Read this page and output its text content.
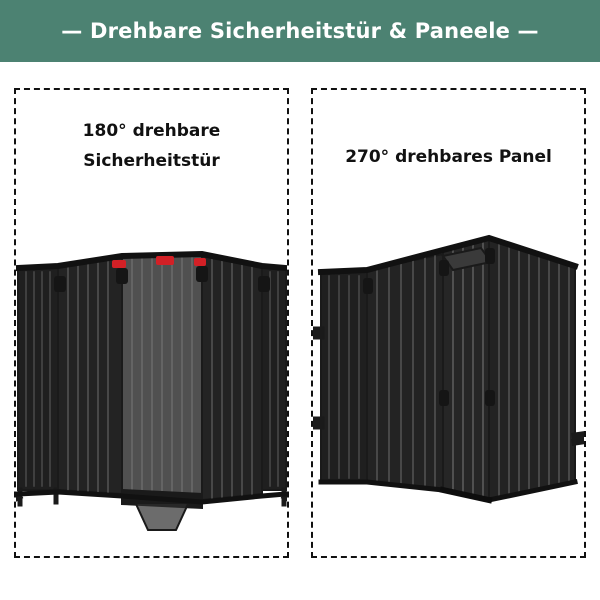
— Drehbare Sicherheitstür & Paneele —
180° drehbare
Sicherheitstür	270° drehbares Panel
